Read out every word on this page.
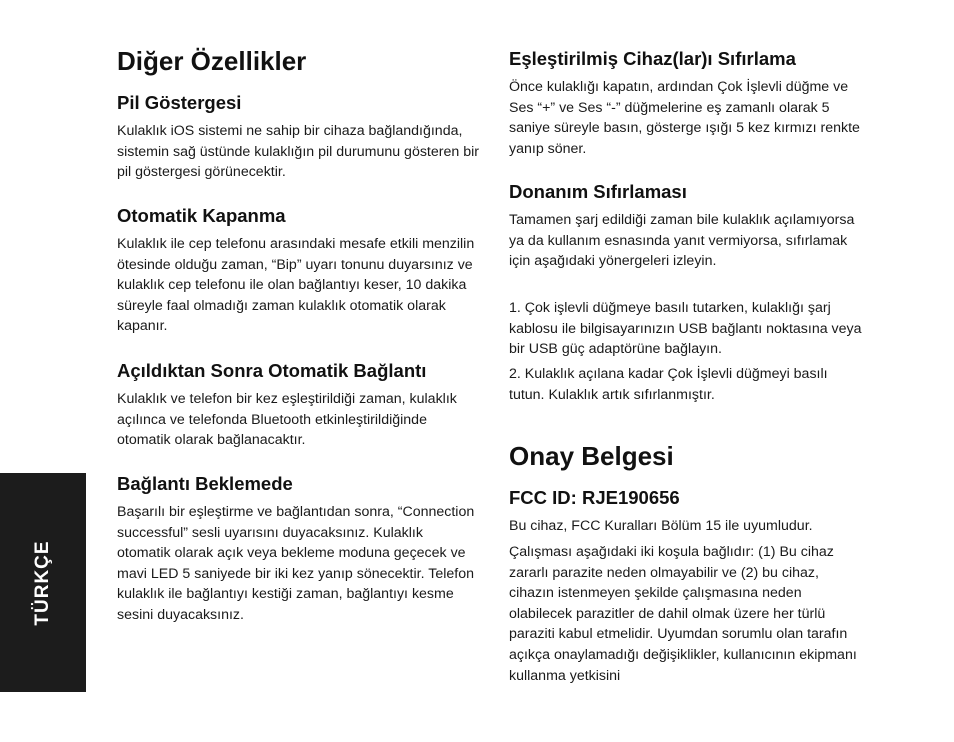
TÜRKÇE
Diğer Özellikler
Pil Göstergesi

Kulaklık iOS sistemi ne sahip bir cihaza bağlandığında, sistemin sağ üstünde kulaklığın pil durumunu gösteren bir pil göstergesi görünecektir.

Otomatik Kapanma

Kulaklık ile cep telefonu arasındaki mesafe etkili menzilin ötesinde olduğu zaman, “Bip” uyarı tonunu duyarsınız ve kulaklık cep telefonu ile olan bağlantıyı keser, 10 dakika süreyle faal olmadığı zaman kulaklık otomatik olarak kapanır.

Açıldıktan Sonra Otomatik Bağlantı

Kulaklık ve telefon bir kez eşleştirildiği zaman, kulaklık açılınca ve telefonda Bluetooth etkinleştirildiğinde otomatik olarak bağlanacaktır.

Bağlantı Beklemede

Başarılı bir eşleştirme ve bağlantıdan sonra, “Connection successful” sesli uyarısını duyacaksınız. Kulaklık otomatik olarak açık veya bekleme moduna geçecek ve mavi LED 5 saniyede bir iki kez yanıp sönecektir. Telefon kulaklık ile bağlantıyı kestiği zaman, bağlantıyı kesme sesini duyacaksınız.

Eşleştirilmiş Cihaz(lar)ı Sıfırlama

Önce kulaklığı kapatın, ardından Çok İşlevli düğme ve Ses “+” ve Ses “-” düğmelerine eş zamanlı olarak 5 saniye süreyle basın, gösterge ışığı 5 kez kırmızı renkte yanıp söner.

Donanım Sıfırlaması

Tamamen şarj edildiği zaman bile kulaklık açılamıyorsa ya da kullanım esnasında yanıt vermiyorsa, sıfırlamak için aşağıdaki yönergeleri izleyin.

1. Çok işlevli düğmeye basılı tutarken, kulaklığı şarj kablosu ile bilgisayarınızın USB bağlantı noktasına veya bir USB güç adaptörüne bağlayın.

2. Kulaklık açılana kadar Çok İşlevli düğmeyi basılı tutun. Kulaklık artık sıfırlanmıştır.

Onay Belgesi
FCC ID: RJE190656

Bu cihaz, FCC Kuralları Bölüm 15 ile uyumludur.

Çalışması aşağıdaki iki koşula bağlıdır: (1) Bu cihaz zararlı parazite neden olmayabilir ve (2) bu cihaz, cihazın istenmeyen şekilde çalışmasına neden olabilecek parazitler de dahil olmak üzere her türlü paraziti kabul etmelidir. Uyumdan sorumlu olan tarafın açıkça onaylamadığı değişiklikler, kullanıcının ekipmanı kullanma yetkisini
